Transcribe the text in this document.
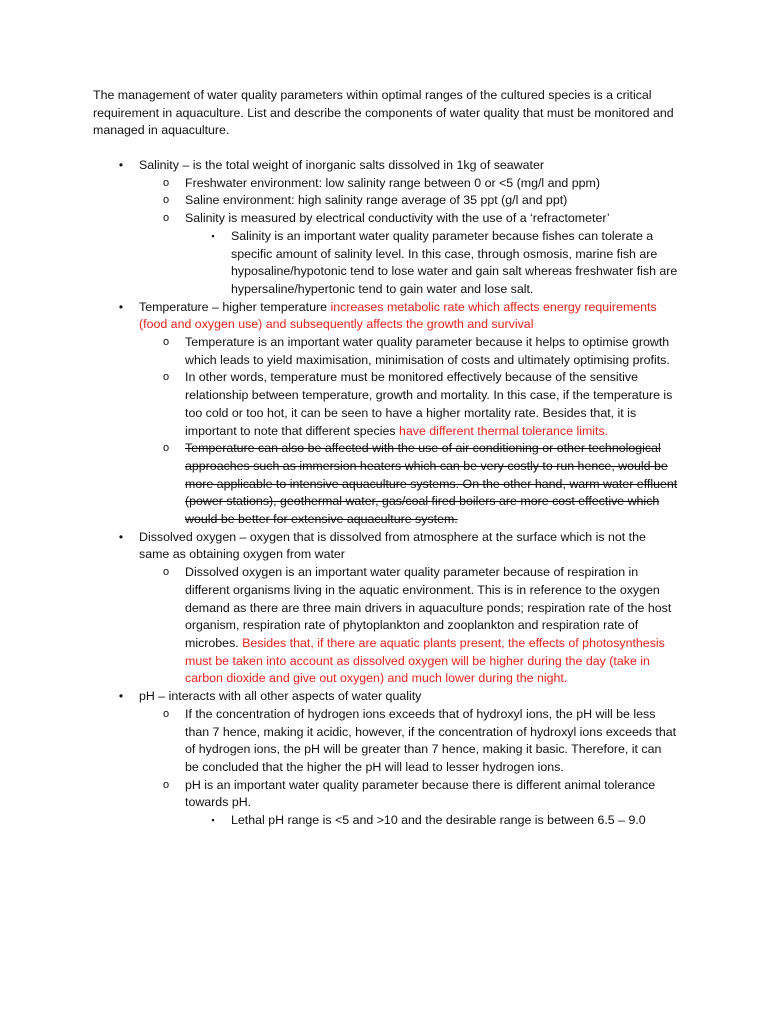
The management of water quality parameters within optimal ranges of the cultured species is a critical requirement in aquaculture. List and describe the components of water quality that must be monitored and managed in aquaculture.

•	Salinity – is the total weight of inorganic salts dissolved in 1kg of seawater
o	Freshwater environment: low salinity range between 0 or <5 (mg/l and ppm)
o	Saline environment: high salinity range average of 35 ppt (g/l and ppt)
o	Salinity is measured by electrical conductivity with the use of a ‘refractometer’
▪	Salinity is an important water quality parameter because fishes can tolerate a specific amount of salinity level. In this case, through osmosis, marine fish are hyposaline/hypotonic tend to lose water and gain salt whereas freshwater fish are hypersaline/hypertonic tend to gain water and lose salt.
•	Temperature – higher temperature increases metabolic rate which affects energy requirements (food and oxygen use) and subsequently affects the growth and survival
o	Temperature is an important water quality parameter because it helps to optimise growth which leads to yield maximisation, minimisation of costs and ultimately optimising profits.
o	In other words, temperature must be monitored effectively because of the sensitive relationship between temperature, growth and mortality. In this case, if the temperature is too cold or too hot, it can be seen to have a higher mortality rate. Besides that, it is important to note that different species have different thermal tolerance limits.
o	Temperature can also be affected with the use of air conditioning or other technological approaches such as immersion heaters which can be very costly to run hence, would be more applicable to intensive aquaculture systems. On the other hand, warm water effluent (power stations), geothermal water, gas/coal fired boilers are more cost effective which would be better for extensive aquaculture system.
•	Dissolved oxygen – oxygen that is dissolved from atmosphere at the surface which is not the same as obtaining oxygen from water
o	Dissolved oxygen is an important water quality parameter because of respiration in different organisms living in the aquatic environment. This is in reference to the oxygen demand as there are three main drivers in aquaculture ponds; respiration rate of the host organism, respiration rate of phytoplankton and zooplankton and respiration rate of microbes. Besides that, if there are aquatic plants present, the effects of photosynthesis must be taken into account as dissolved oxygen will be higher during the day (take in carbon dioxide and give out oxygen) and much lower during the night.
•	pH – interacts with all other aspects of water quality
o	If the concentration of hydrogen ions exceeds that of hydroxyl ions, the pH will be less than 7 hence, making it acidic, however, if the concentration of hydroxyl ions exceeds that of hydrogen ions, the pH will be greater than 7 hence, making it basic. Therefore, it can be concluded that the higher the pH will lead to lesser hydrogen ions.
o	pH is an important water quality parameter because there is different animal tolerance towards pH.
▪	Lethal pH range is <5 and >10 and the desirable range is between 6.5 – 9.0
